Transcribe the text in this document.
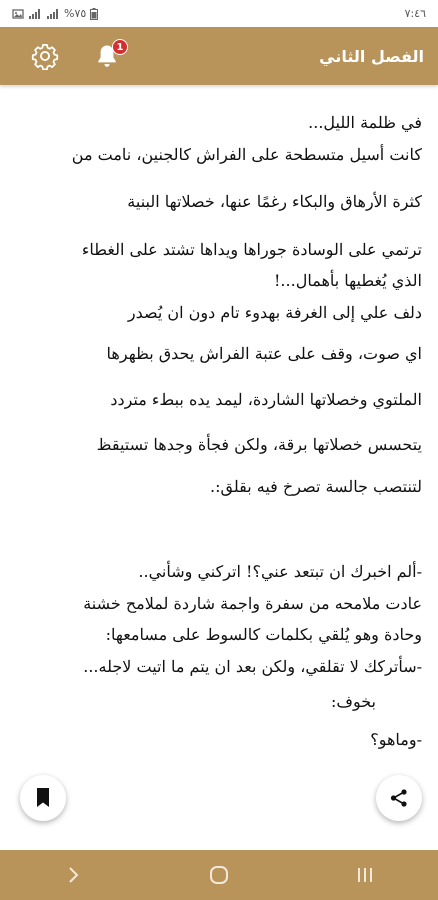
%٧٥	٧:٤٦
1	الفصل الثاني
في ظلمة الليل...
كانت أسيل متسطحة على الفراش كالجنين، نامت من
كثرة الأرهاق والبكاء رغمًا عنها، خصلاتها البنية
ترتمي على الوسادة جوراها ويداها تشتد على الغطاء
الذي يُغطيها بأهمال...!
دلف علي إلى الغرفة بهدوء تام دون ان يُصدر
اي صوت، وقف على عتبة الفراش يحدق بظهرها
الملتوي وخصلاتها الشاردة، ليمد يده ببطء متردد
يتحسس خصلاتها برقة، ولكن فجأة وجدها تستيقظ
لتنتصب جالسة تصرخ فيه بقلق:.
-ألم اخبرك ان تبتعد عني؟! اتركني وشأني..
عادت ملامحه من سفرة واجمة شاردة لملامح خشنة
وحادة وهو يُلقي بكلمات كالسوط على مسامعها:
-سأتركك لا تقلقي، ولكن بعد ان يتم ما اتيت لاجله...
بخوف:
-وماهو؟
